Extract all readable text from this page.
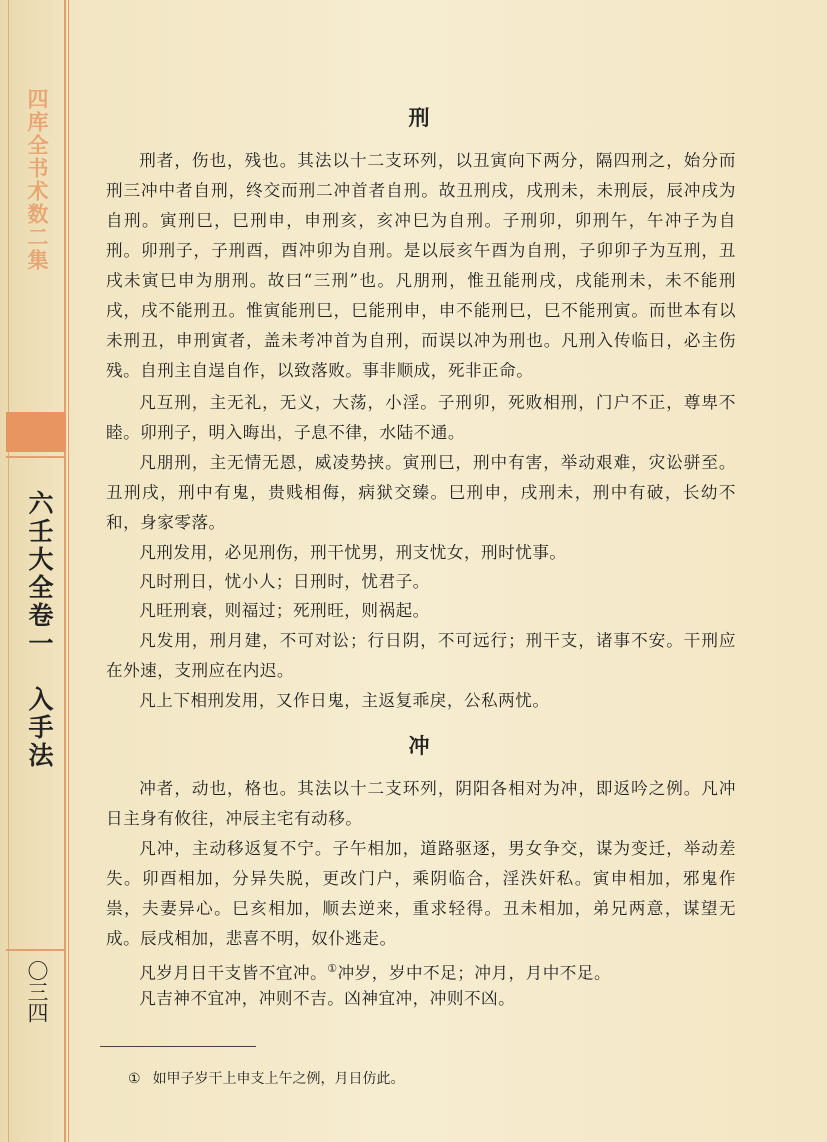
四库全书术数二集
六壬大全卷一　入手法
〇三四
刑

刑者，伤也，残也。其法以十二支环列，以丑寅向下两分，隔四刑之，始分而刑三冲中者自刑，终交而刑二冲首者自刑。故丑刑戌，戌刑未，未刑辰，辰冲戌为自刑。寅刑巳，巳刑申，申刑亥，亥冲巳为自刑。子刑卯，卯刑午，午冲子为自刑。卯刑子，子刑酉，酉冲卯为自刑。是以辰亥午酉为自刑，子卯卯子为互刑，丑戌未寅巳申为朋刑。故曰“三刑”也。凡朋刑，惟丑能刑戌，戌能刑未，未不能刑戌，戌不能刑丑。惟寅能刑巳，巳能刑申，申不能刑巳，巳不能刑寅。而世本有以未刑丑，申刑寅者，盖未考冲首为自刑，而误以冲为刑也。凡刑入传临日，必主伤残。自刑主自逞自作，以致落败。事非顺成，死非正命。

凡互刑，主无礼，无义，大荡，小淫。子刑卯，死败相刑，门户不正，尊卑不睦。卯刑子，明入晦出，子息不律，水陆不通。

凡朋刑，主无情无恩，威凌势挟。寅刑巳，刑中有害，举动艰难，灾讼骈至。丑刑戌，刑中有鬼，贵贱相侮，病狱交臻。巳刑申，戌刑未，刑中有破，长幼不和，身家零落。

凡刑发用，必见刑伤，刑干忧男，刑支忧女，刑时忧事。

凡时刑日，忧小人；日刑时，忧君子。

凡旺刑衰，则福过；死刑旺，则祸起。

凡发用，刑月建，不可对讼；行日阴，不可远行；刑干支，诸事不安。干刑应在外速，支刑应在内迟。

凡上下相刑发用，又作日鬼，主返复乖戾，公私两忧。

冲

冲者，动也，格也。其法以十二支环列，阴阳各相对为冲，即返吟之例。凡冲日主身有攸往，冲辰主宅有动移。

凡冲，主动移返复不宁。子午相加，道路驱逐，男女争交，谋为变迁，举动差失。卯酉相加，分异失脱，更改门户，乘阴临合，淫泆奸私。寅申相加，邪鬼作祟，夫妻异心。巳亥相加，顺去逆来，重求轻得。丑未相加，弟兄两意，谋望无成。辰戌相加，悲喜不明，奴仆逃走。

凡岁月日干支皆不宜冲。①冲岁，岁中不足；冲月，月中不足。

凡吉神不宜冲，冲则不吉。凶神宜冲，冲则不凶。

① 如甲子岁干上申支上午之例，月日仿此。
